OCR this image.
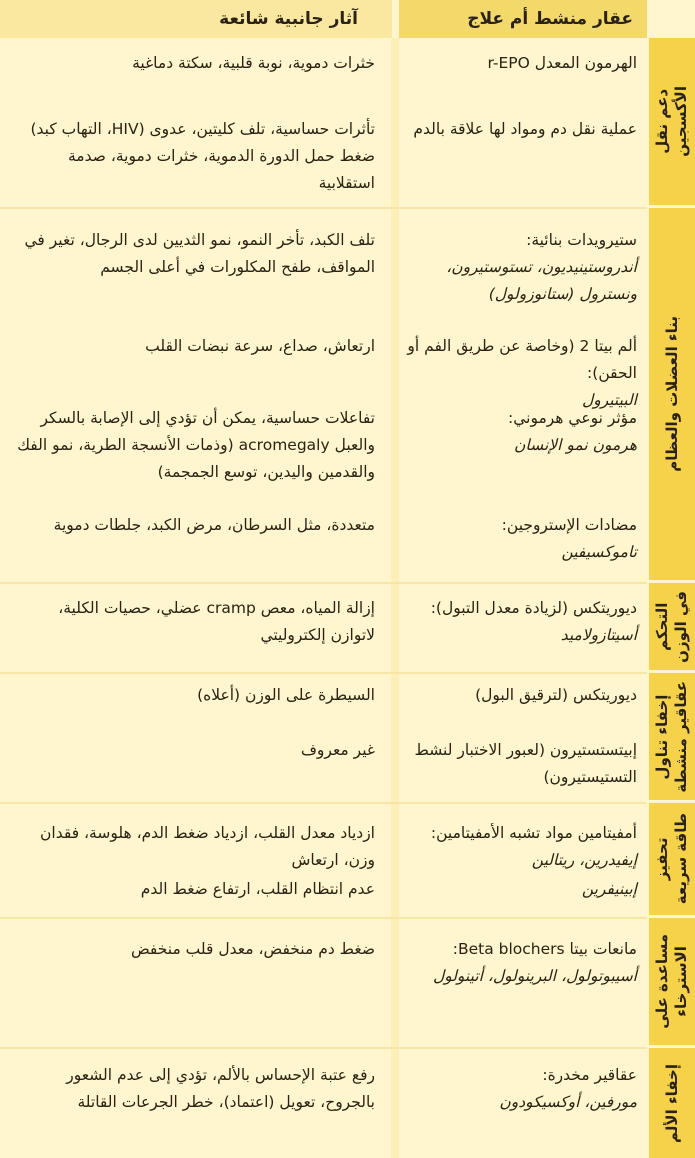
عقار منشط أم علاج
آثار جانبية شائعة
دعم نقل
الأكسجين
بناء العضلات والعظام
التحكم
في الوزن
إخفاء تناول
عقاقير منشطة
تحفيز
طاقة سريعة
مساعدة على
الاسترخاء
إخفاء الألم
الهرمون المعدل r-EPO
خثرات دموية، نوبة قلبية، سكتة دماغية
عملية نقل دم ومواد لها علاقة بالدم
تأثرات حساسية، تلف كليتين، عدوى (HIV، التهاب كبد) ضغط حمل الدورة الدموية، خثرات دموية، صدمة استقلابية
ستيرويدات بنائية:
أندروستينيديون، تستوستيرون، ونسترول (ستانوزولول)
تلف الكبد، تأخر النمو، نمو الثديين لدى الرجال، تغير في المواقف، طفح المكلورات في أعلى الجسم
ألم بيتا 2 (وخاصة عن طريق الفم أو الحقن):
البيتيرول
ارتعاش، صداع، سرعة نبضات القلب
مؤثر نوعي هرموني:
هرمون نمو الإنسان
تفاعلات حساسية، يمكن أن تؤدي إلى الإصابة بالسكر والعبل acromegaly (وذمات الأنسجة الطرية، نمو الفك والقدمين واليدين، توسع الجمجمة)
مضادات الإستروجين:
تاموكسيفين
متعددة، مثل السرطان، مرض الكبد، جلطات دموية
ديوريتكس (لزيادة معدل التبول):
أسيتازولاميد
إزالة المياه، معص cramp عضلي، حصيات الكلية، لاتوازن إلكتروليتي
ديوريتكس (لترقيق البول)
السيطرة على الوزن (أعلاه)
إبيتستستيرون (لعبور الاختبار لنشط التستيستيرون)
غير معروف
أمفيتامين مواد تشبه الأمفيتامين:
إيفيدرين، ريتالين
ازدياد معدل القلب، ازدياد ضغط الدم، هلوسة، فقدان وزن، ارتعاش
إبينيفرين
عدم انتظام القلب، ارتفاع ضغط الدم
مانعات بيتا Beta blochers:
أسيبوتولول، البرينولول، أتينولول
ضغط دم منخفض، معدل قلب منخفض
عقاقير مخدرة:
مورفين، أوكسيكودون
رفع عتبة الإحساس بالألم، تؤدي إلى عدم الشعور بالجروح، تعويل (اعتماد)، خطر الجرعات القاتلة
